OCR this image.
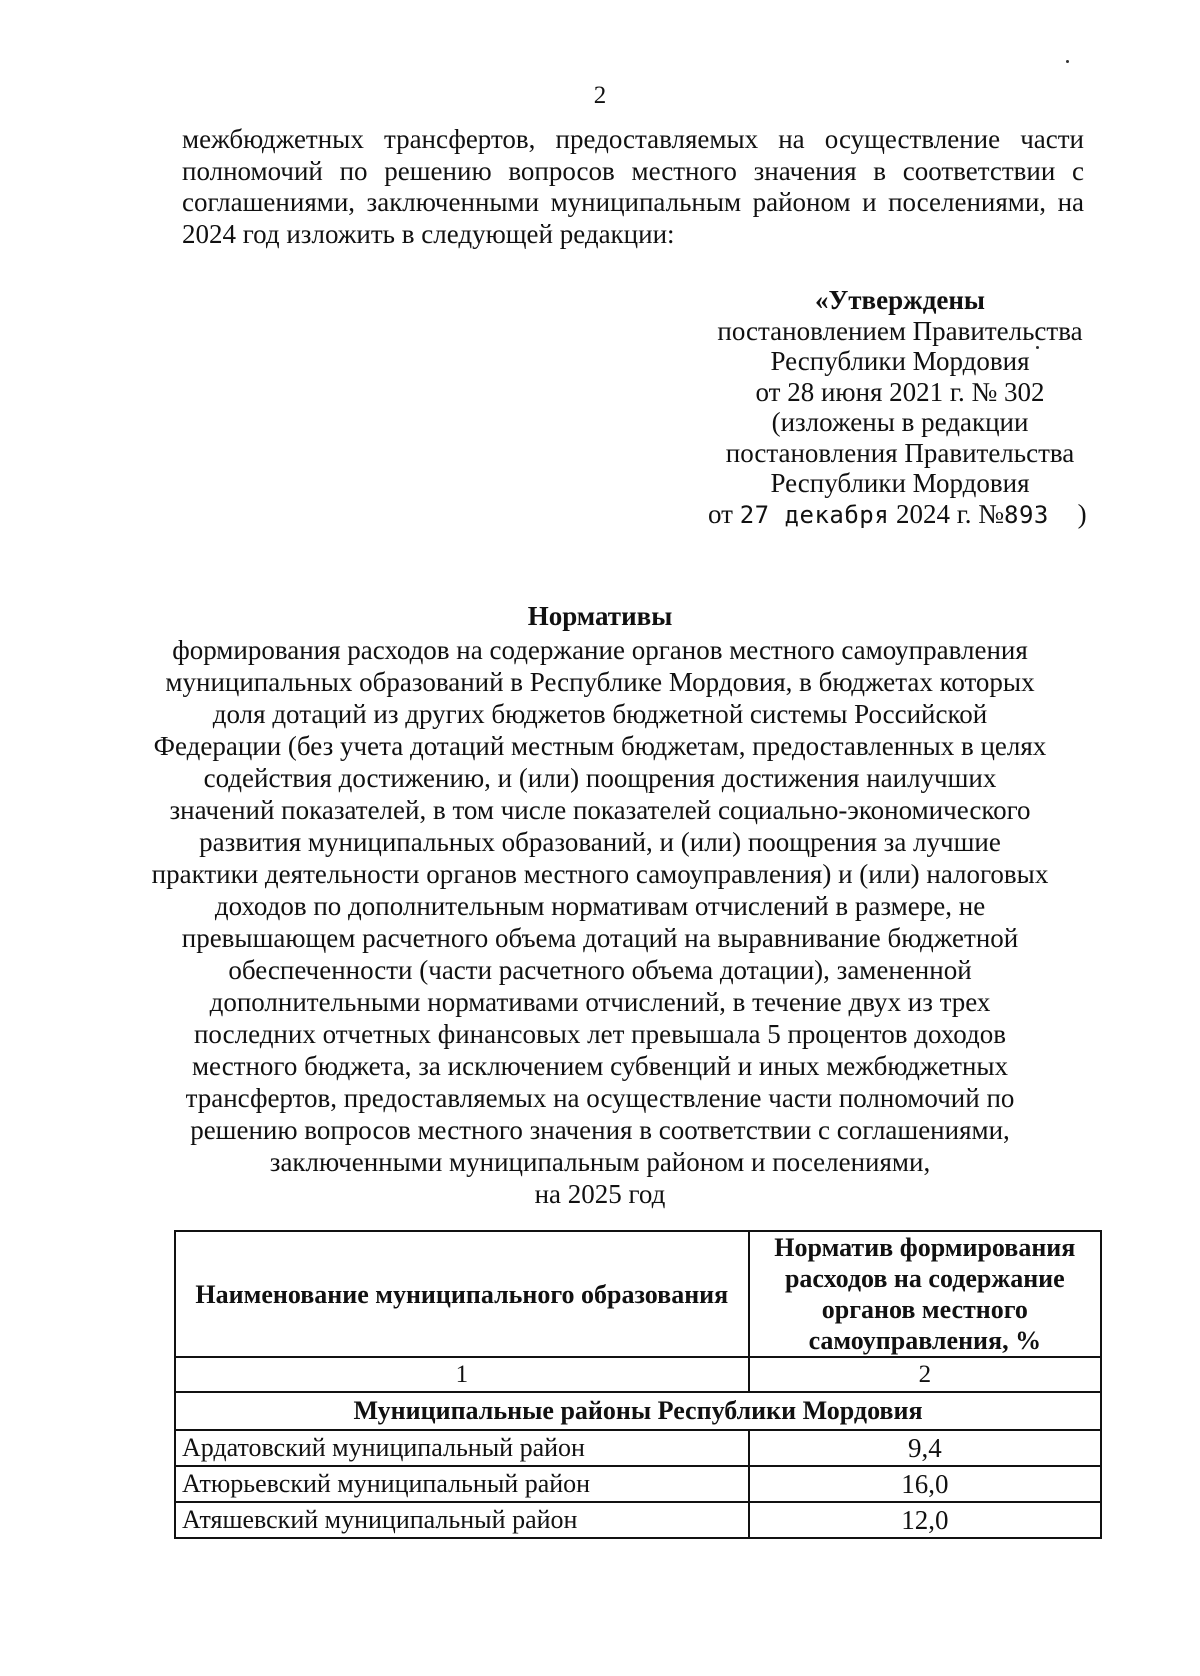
2
межбюджетных трансфертов, предоставляемых на осуществление части
полномочий по решению вопросов местного значения в соответствии с
соглашениями, заключенными муниципальным районом и поселениями, на
2024 год изложить в следующей редакции:
«Утверждены
постановлением Правительства
Республики Мордовия
от 28 июня 2021 г. № 302
(изложены в редакции
постановления Правительства
Республики Мордовия
от 27 декабря 2024 г. №893 )
Нормативы
формирования расходов на содержание органов местного самоуправления
муниципальных образований в Республике Мордовия, в бюджетах которых
доля дотаций из других бюджетов бюджетной системы Российской
Федерации (без учета дотаций местным бюджетам, предоставленных в целях
содействия достижению, и (или) поощрения достижения наилучших
значений показателей, в том числе показателей социально-экономического
развития муниципальных образований, и (или) поощрения за лучшие
практики деятельности органов местного самоуправления) и (или) налоговых
доходов по дополнительным нормативам отчислений в размере, не
превышающем расчетного объема дотаций на выравнивание бюджетной
обеспеченности (части расчетного объема дотации), замененной
дополнительными нормативами отчислений, в течение двух из трех
последних отчетных финансовых лет превышала 5 процентов доходов
местного бюджета, за исключением субвенций и иных межбюджетных
трансфертов, предоставляемых на осуществление части полномочий по
решению вопросов местного значения в соответствии с соглашениями,
заключенными муниципальным районом и поселениями,
на 2025 год
Наименование муниципального образования	Норматив формирования расходов на содержание органов местного самоуправления, %
1	2
Муниципальные районы Республики Мордовия	
Ардатовский муниципальный район	9,4
Атюрьевский муниципальный район	16,0
Атяшевский муниципальный район	12,0
